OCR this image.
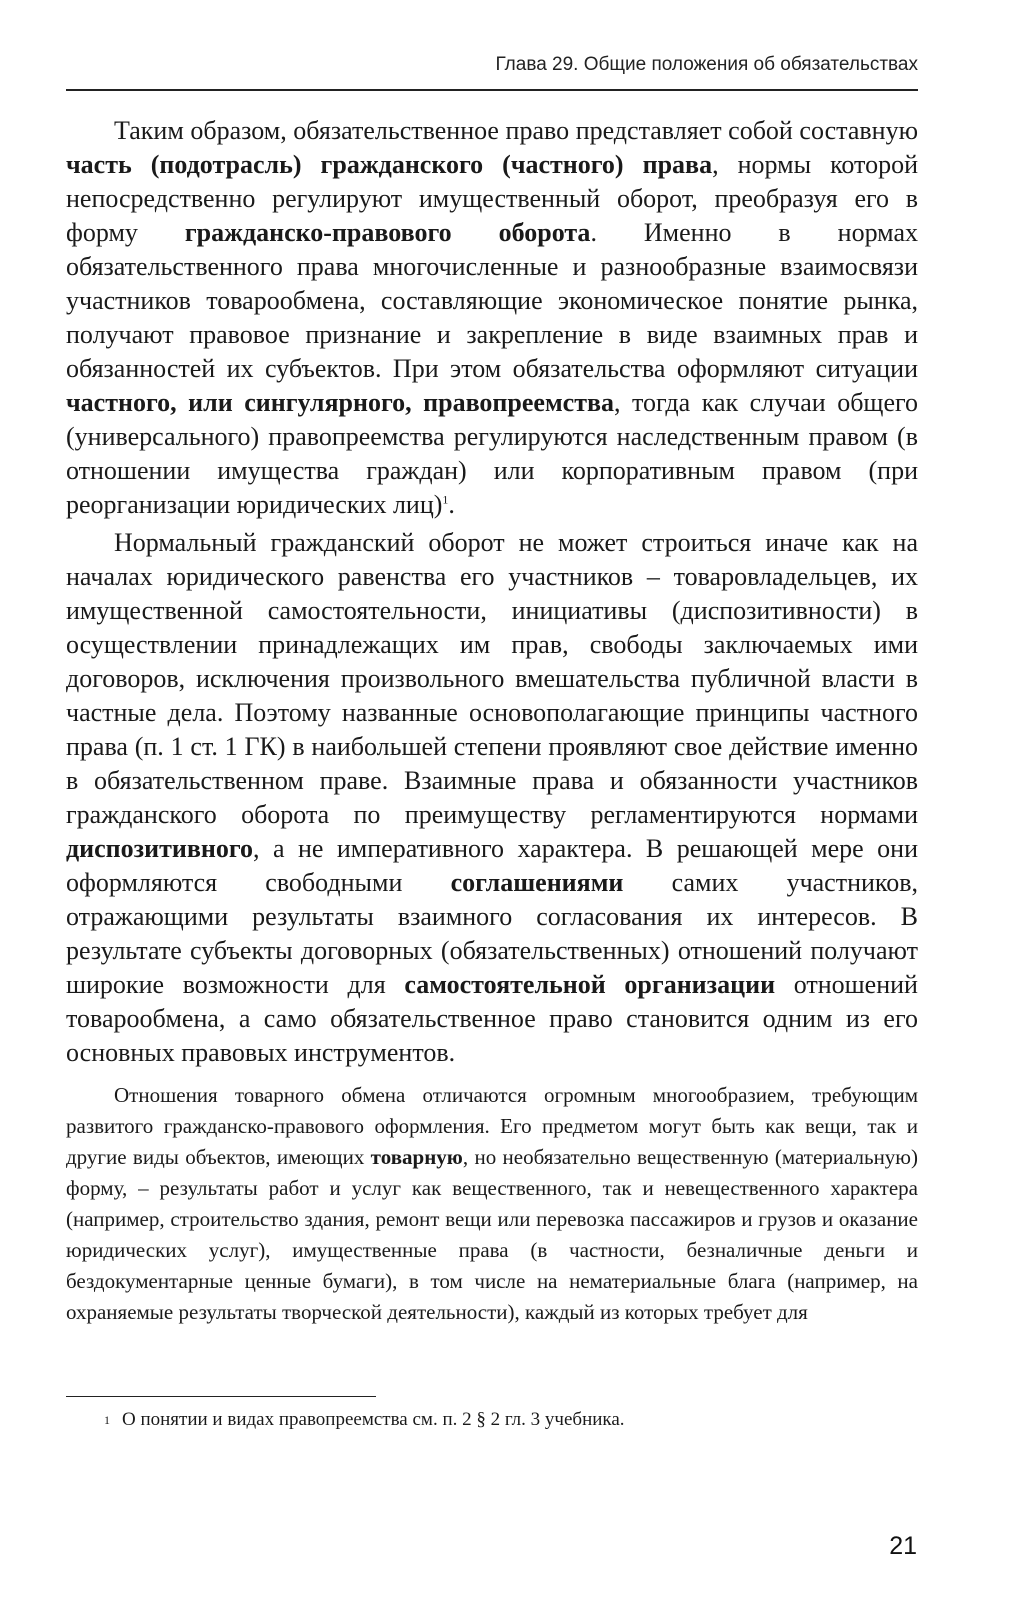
Глава 29. Общие положения об обязательствах

Таким образом, обязательственное право представляет собой составную часть (подотрасль) гражданского (частного) права, нормы которой непосредственно регулируют имущественный оборот, преобразуя его в форму гражданско-правового оборота. Именно в нормах обязательственного права многочисленные и разнообразные взаимосвязи участников товарообмена, составляющие экономическое понятие рынка, получают правовое признание и закрепление в виде взаимных прав и обязанностей их субъектов. При этом обязательства оформляют ситуации частного, или сингулярного, правопреемства, тогда как случаи общего (универсального) правопреемства регулируются наследственным правом (в отношении имущества граждан) или корпоративным правом (при реорганизации юридических лиц)$^1$.

Нормальный гражданский оборот не может строиться иначе как на началах юридического равенства его участников – товаровладельцев, их имущественной самостоятельности, инициативы (диспозитивности) в осуществлении принадлежащих им прав, свободы заключаемых ими договоров, исключения произвольного вмешательства публичной власти в частные дела. Поэтому названные основополагающие принципы частного права (п. 1 ст. 1 ГК) в наибольшей степени проявляют свое действие именно в обязательственном праве. Взаимные права и обязанности участников гражданского оборота по преимуществу регламентируются нормами диспозитивного, а не императивного характера. В решающей мере они оформляются свободными соглашениями самих участников, отражающими результаты взаимного согласования их интересов. В результате субъекты договорных (обязательственных) отношений получают широкие возможности для самостоятельной организации отношений товарообмена, а само обязательственное право становится одним из его основных правовых инструментов.

Отношения товарного обмена отличаются огромным многообразием, требующим развитого гражданско-правового оформления. Его предметом могут быть как вещи, так и другие виды объектов, имеющих товарную, но необязательно вещественную (материальную) форму, – результаты работ и услуг как вещественного, так и невещественного характера (например, строительство здания, ремонт вещи или перевозка пассажиров и грузов и оказание юридических услуг), имущественные права (в частности, безналичные деньги и бездокументарные ценные бумаги), в том числе на нематериальные блага (например, на охраняемые результаты творческой деятельности), каждый из которых требует для

$^1$ О понятии и видах правопреемства см. п. 2 § 2 гл. 3 учебника.
21
